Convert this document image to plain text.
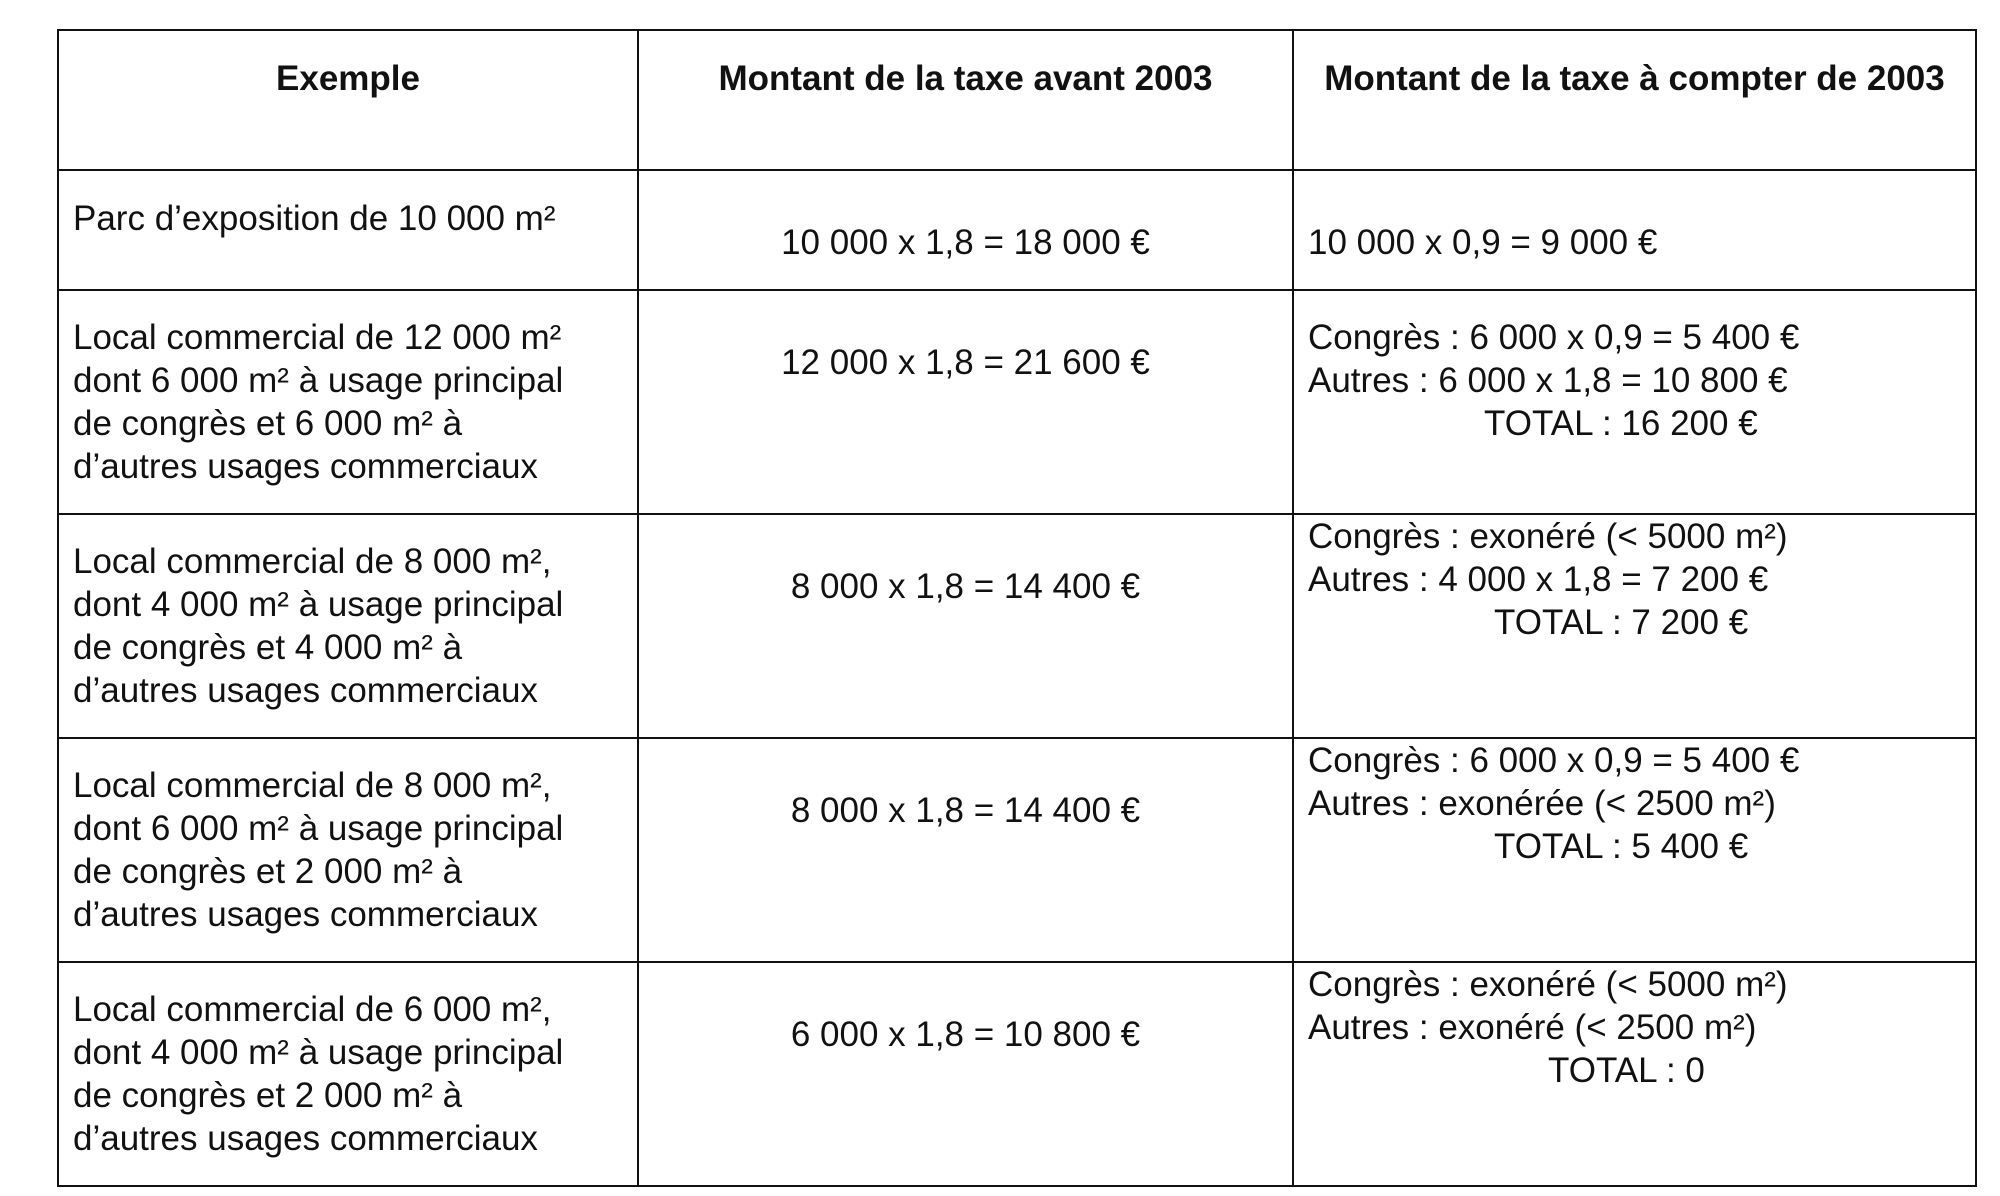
Exemple	Montant de la taxe avant 2003	Montant de la taxe à compter de 2003

Parc d’exposition de 10 000 m²	10 000 x 1,8 = 18 000 €	10 000 x 0,9 = 9 000 €

Local commercial de 12 000 m²
dont 6 000 m² à usage principal
de congrès et 6 000 m² à
d’autres usages commerciaux	12 000 x 1,8 = 21 600 €	Congrès : 6 000 x 0,9 = 5 400 €
Autres : 6 000 x 1,8 = 10 800 €
TOTAL : 16 200 €

Local commercial de 8 000 m²,
dont 4 000 m² à usage principal
de congrès et 4 000 m² à
d’autres usages commerciaux	8 000 x 1,8 = 14 400 €	Congrès : exonéré (< 5000 m²)
Autres : 4 000 x 1,8 = 7 200 €
TOTAL : 7 200 €

Local commercial de 8 000 m²,
dont 6 000 m² à usage principal
de congrès et 2 000 m² à
d’autres usages commerciaux	8 000 x 1,8 = 14 400 €	Congrès : 6 000 x 0,9 = 5 400 €
Autres : exonérée (< 2500 m²)
TOTAL : 5 400 €

Local commercial de 6 000 m²,
dont 4 000 m² à usage principal
de congrès et 2 000 m² à
d’autres usages commerciaux	6 000 x 1,8 = 10 800 €	Congrès : exonéré (< 5000 m²)
Autres : exonéré (< 2500 m²)
TOTAL : 0
